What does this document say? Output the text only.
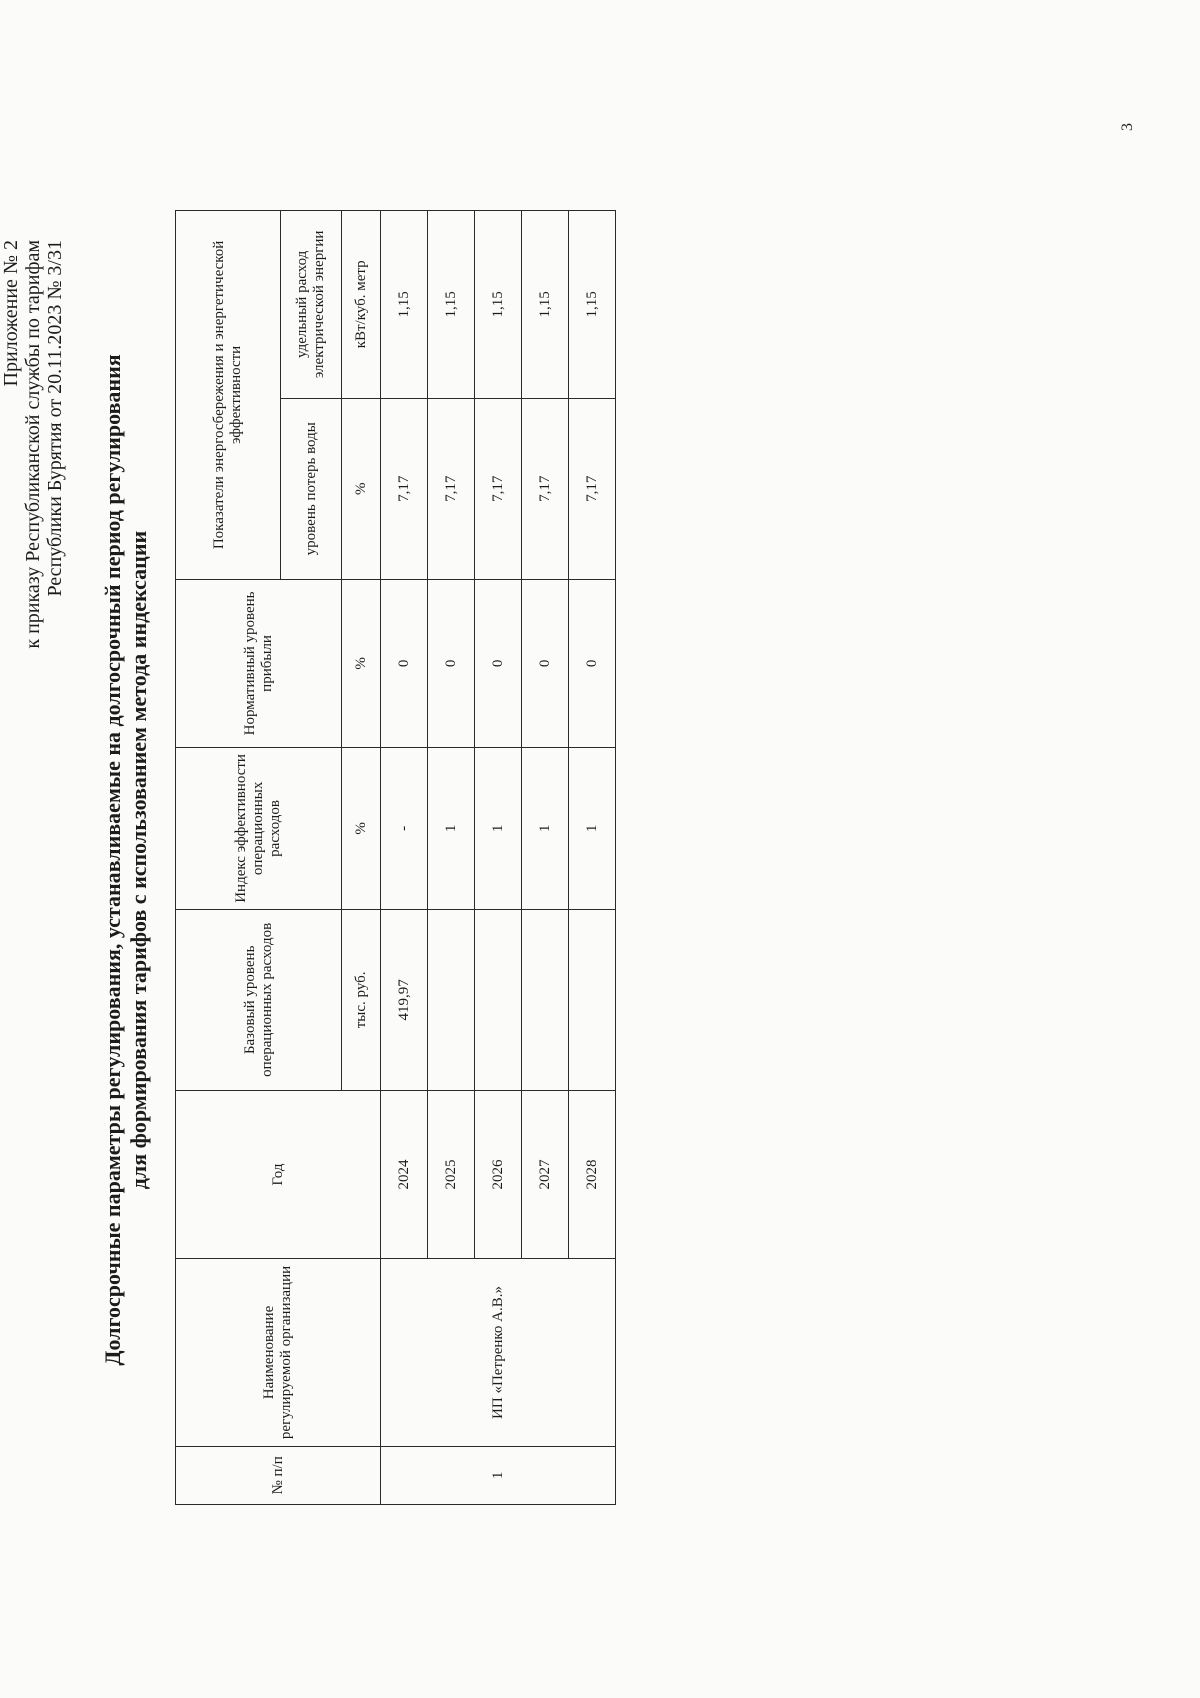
3
Приложение № 2 к приказу Республиканской службы по тарифам Республики Бурятия от 20.11.2023 № 3/31 Долгосрочные параметры регулирования, устанавливаемые на долгосрочный период регулирования для формирования тарифов с использованием метода индексации
№ п/п	Наименование регулируемой организации	Год	Базовый уровень операционных расходов	Индекс эффективности операционных расходов	Нормативный уровень прибыли	Показатели энергосбережения и энергетической эффективности	
						уровень потерь воды	удельный расход электрической энергии
			тыс. руб.	%	%	%	кВт/куб. метр
1	ИП «Петренко А.В.»	2024	419,97	-	0	7,17	1,15
		2025		1	0	7,17	1,15
		2026		1	0	7,17	1,15
		2027		1	0	7,17	1,15
		2028		1	0	7,17	1,15
